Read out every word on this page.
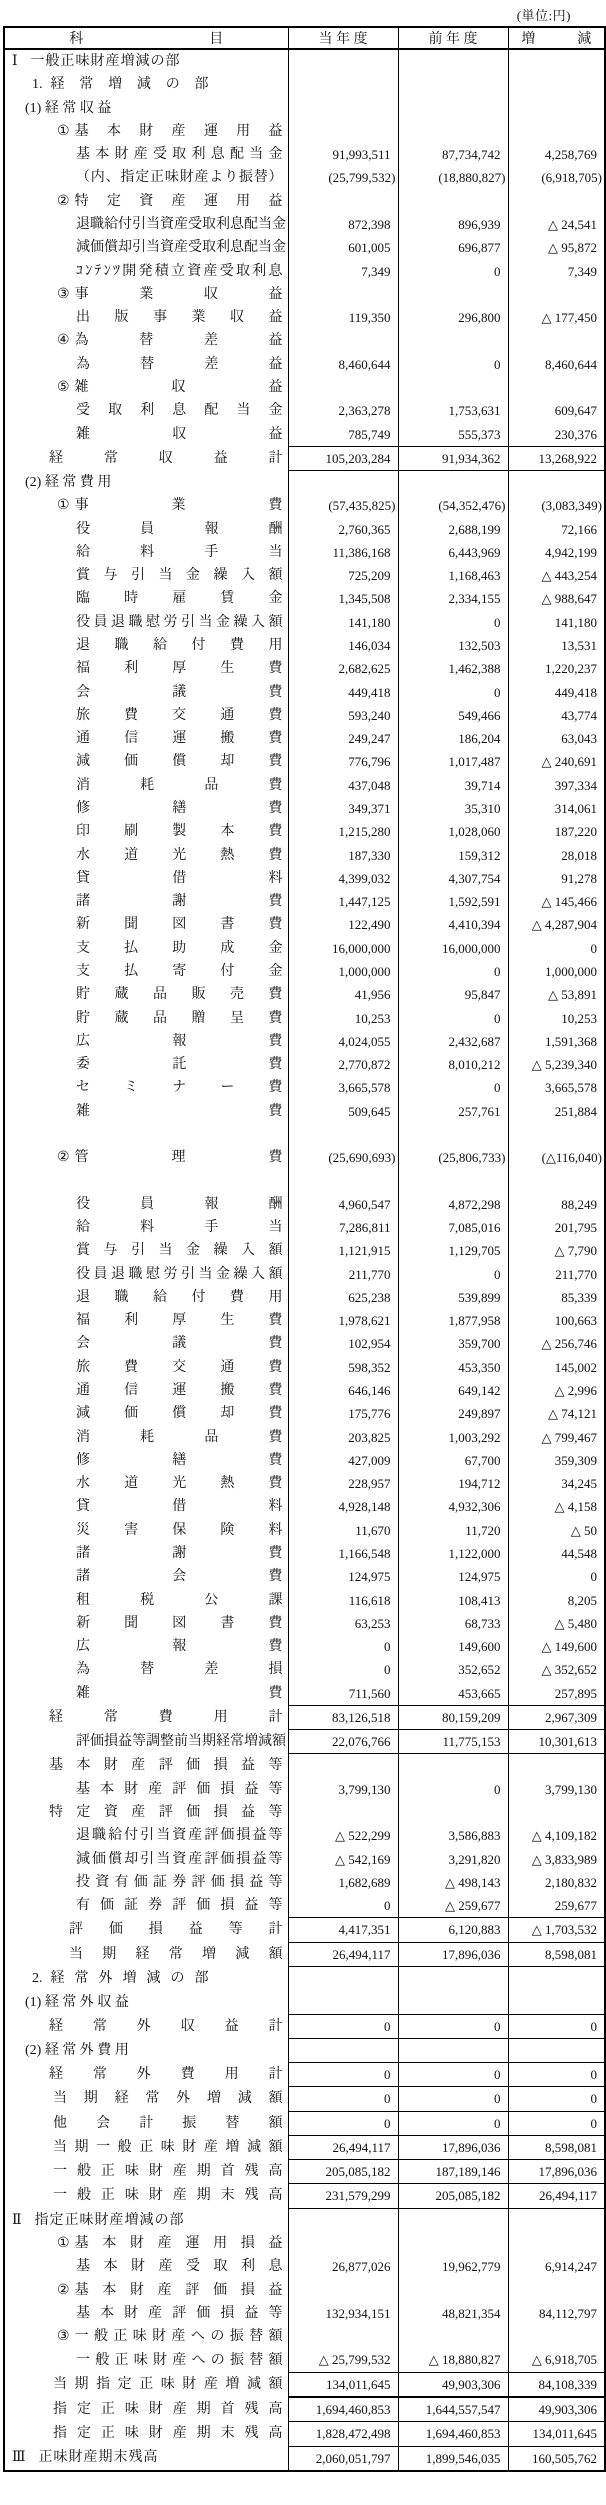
(単位:円)
科　　　　　　　　　目	当 年 度	前 年 度	増　　　減
Ⅰ 一般正味財産増減の部			

1. 経常増減の部			

(1) 経 常 収 益			

① 基本財産運用益			

基本財産受取利息配当金	91,993,511	87,734,742	4,258,769
（内、指定正味財産より振替）	(25,799,532)	(18,880,827)	(6,918,705)

② 特定資産運用益			

退職給付引当資産受取利息配当金	872,398	896,939	△ 24,541
減価償却引当資産受取利息配当金	601,005	696,877	△ 95,872
ｺﾝﾃﾝﾂ開発積立資産受取利息	7,349	0	7,349

③ 事業収益			

出版事業収益	119,350	296,800	△ 177,450

④ 為替差益			

為替差益	8,460,644	0	8,460,644

⑤ 雑収益			

受取利息配当金	2,363,278	1,753,631	609,647
雑収益	785,749	555,373	230,376
経常収益計	105,203,284	91,934,362	13,268,922
(2) 経 常 費 用			

① 事業費	(57,435,825)	(54,352,476)	(3,083,349)
役員報酬	2,760,365	2,688,199	72,166
給料手当	11,386,168	6,443,969	4,942,199
賞与引当金繰入額	725,209	1,168,463	△ 443,254
臨時雇賃金	1,345,508	2,334,155	△ 988,647
役員退職慰労引当金繰入額	141,180	0	141,180
退職給付費用	146,034	132,503	13,531
福利厚生費	2,682,625	1,462,388	1,220,237
会議費	449,418	0	449,418
旅費交通費	593,240	549,466	43,774
通信運搬費	249,247	186,204	63,043
減価償却費	776,796	1,017,487	△ 240,691
消耗品費	437,048	39,714	397,334
修繕費	349,371	35,310	314,061
印刷製本費	1,215,280	1,028,060	187,220
水道光熱費	187,330	159,312	28,018
貸借料	4,399,032	4,307,754	91,278
諸謝費	1,447,125	1,592,591	△ 145,466
新聞図書費	122,490	4,410,394	△ 4,287,904
支払助成金	16,000,000	16,000,000	0
支払寄付金	1,000,000	0	1,000,000
貯蔵品販売費	41,956	95,847	△ 53,891
貯蔵品贈呈費	10,253	0	10,253
広報費	4,024,055	2,432,687	1,591,368
委託費	2,770,872	8,010,212	△ 5,239,340
セミナー費	3,665,578	0	3,665,578
雑費	509,645	257,761	251,884

② 管理費	(25,690,693)	(25,806,733)	(△116,040)

役員報酬	4,960,547	4,872,298	88,249
給料手当	7,286,811	7,085,016	201,795
賞与引当金繰入額	1,121,915	1,129,705	△ 7,790
役員退職慰労引当金繰入額	211,770	0	211,770
退職給付費用	625,238	539,899	85,339
福利厚生費	1,978,621	1,877,958	100,663
会議費	102,954	359,700	△ 256,746
旅費交通費	598,352	453,350	145,002
通信運搬費	646,146	649,142	△ 2,996
減価償却費	175,776	249,897	△ 74,121
消耗品費	203,825	1,003,292	△ 799,467
修繕費	427,009	67,700	359,309
水道光熱費	228,957	194,712	34,245
貸借料	4,928,148	4,932,306	△ 4,158
災害保険料	11,670	11,720	△ 50
諸謝費	1,166,548	1,122,000	44,548
諸会費	124,975	124,975	0
租税公課	116,618	108,413	8,205
新聞図書費	63,253	68,733	△ 5,480
広報費	0	149,600	△ 149,600
為替差損	0	352,652	△ 352,652
雑費	711,560	453,665	257,895
経常費用計	83,126,518	80,159,209	2,967,309
評価損益等調整前当期経常増減額	22,076,766	11,775,153	10,301,613
基本財産評価損益等			
基本財産評価損益等	3,799,130	0	3,799,130
特定資産評価損益等			
退職給付引当資産評価損益等	△ 522,299	3,586,883	△ 4,109,182
減価償却引当資産評価損益等	△ 542,169	3,291,820	△ 3,833,989
投資有価証券評価損益等	1,682,689	△ 498,143	2,180,832
有価証券評価損益等	0	△ 259,677	259,677
評価損益等計	4,417,351	6,120,883	△ 1,703,532
当期経常増減額	26,494,117	17,896,036	8,598,081

2. 経常外増減の部			

(1) 経 常 外 収 益			
経常外収益計	0	0	0
(2) 経 常 外 費 用			
経常外費用計	0	0	0
当期経常外増減額	0	0	0
他会計振替額	0	0	0
当期一般正味財産増減額	26,494,117	17,896,036	8,598,081
一般正味財産期首残高	205,085,182	187,189,146	17,896,036
一般正味財産期末残高	231,579,299	205,085,182	26,494,117
Ⅱ 指定正味財産増減の部			

① 基本財産運用損益			

基本財産受取利息	26,877,026	19,962,779	6,914,247

② 基本財産評価損益			

基本財産評価損益等	132,934,151	48,821,354	84,112,797

③ 一般正味財産への振替額			

一般正味財産への振替額	△ 25,799,532	△ 18,880,827	△ 6,918,705
当期指定正味財産増減額	134,011,645	49,903,306	84,108,339
指定正味財産期首残高	1,694,460,853	1,644,557,547	49,903,306
指定正味財産期末残高	1,828,472,498	1,694,460,853	134,011,645
Ⅲ 正味財産期末残高	2,060,051,797	1,899,546,035	160,505,762
